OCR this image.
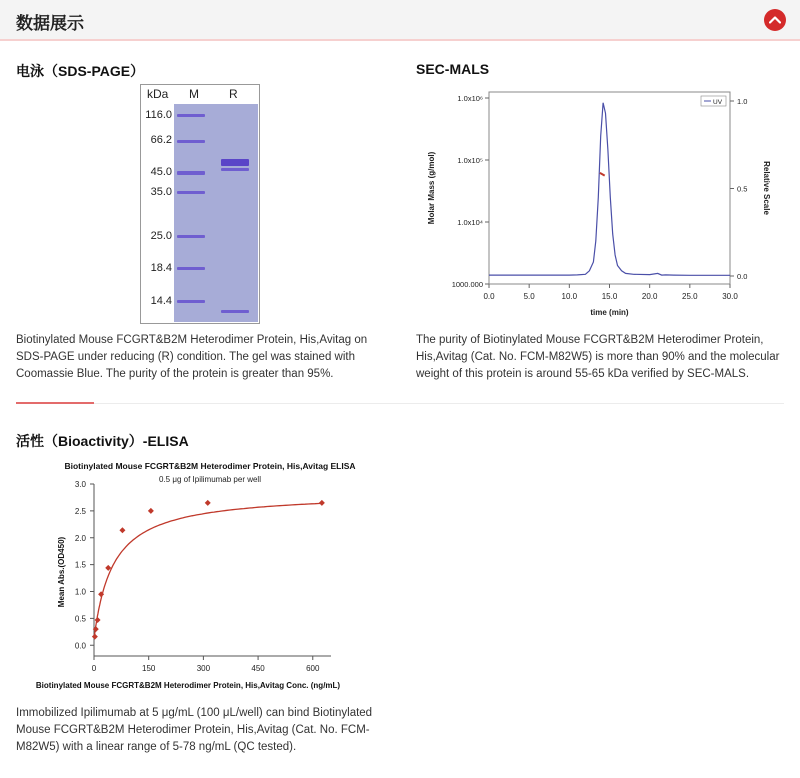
数据展示
电泳（SDS-PAGE）
kDa M	R
116.0
66.2
45.0
35.0
25.0
18.4
14.4
Biotinylated Mouse FCGRT&B2M Heterodimer Protein, His,Avitag on SDS-PAGE under reducing (R) condition. The gel was stained with Coomassie Blue. The purity of the protein is greater than 95%.
SEC-MALS
0.0	5.0	10.0	15.0	20.0	25.0	30.0
time (min)
1000.000
1.0x10⁴
1.0x10⁵
1.0x10⁶
Molar Mass (g/mol)
0.0
0.5
1.0
Relative Scale
UV
The purity of Biotinylated Mouse FCGRT&B2M Heterodimer Protein, His,Avitag (Cat. No. FCM-M82W5) is more than 90% and the molecular weight of this protein is around 55-65 kDa verified by SEC-MALS.
活性（Bioactivity）-ELISA
Biotinylated Mouse FCGRT&B2M Heterodimer Protein, His,Avitag ELISA
0.5 μg of Ipilimumab per well
0.0
0.5
1.0
1.5
2.0
2.5
3.0
0	150	300	450	600
Biotinylated Mouse FCGRT&B2M Heterodimer Protein, His,Avitag Conc. (ng/mL)
Mean Abs.(OD450)
Immobilized Ipilimumab at 5 μg/mL (100 μL/well) can bind Biotinylated Mouse FCGRT&B2M Heterodimer Protein, His,Avitag (Cat. No. FCM-M82W5) with a linear range of 5-78 ng/mL (QC tested).
